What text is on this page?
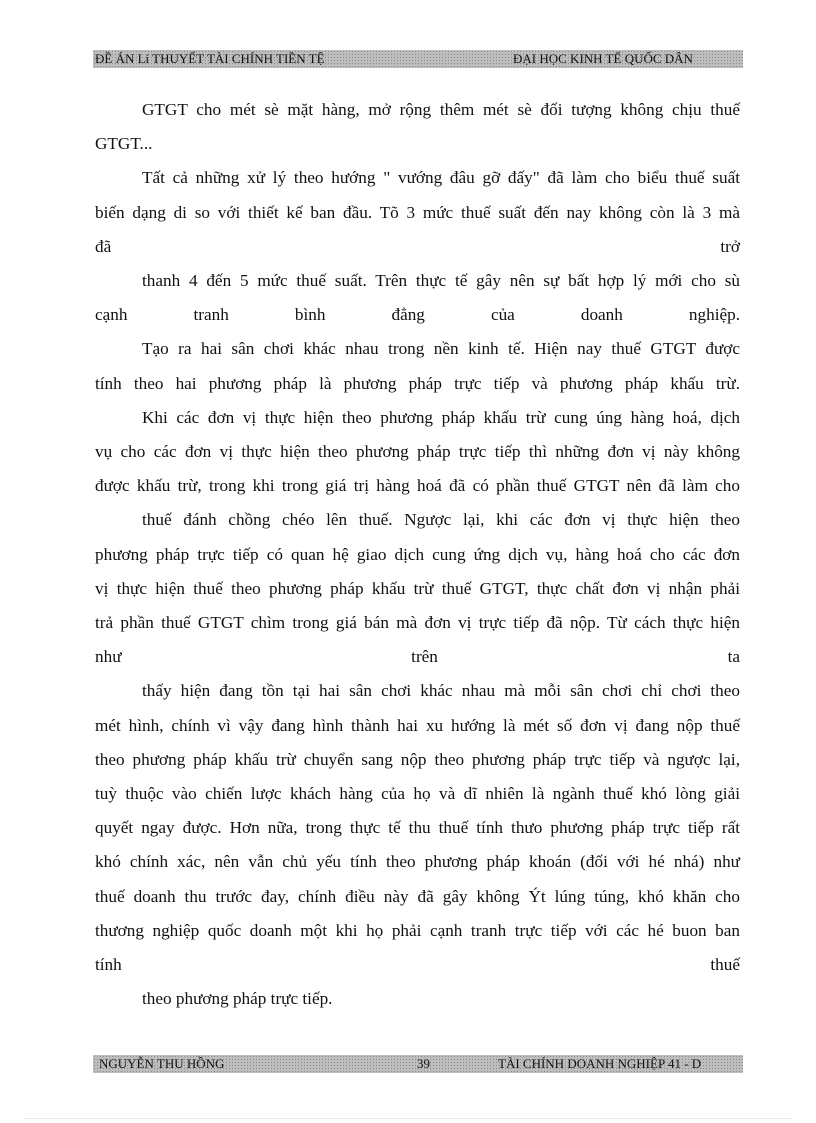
ĐỀ ÁN Lí THUYẾT TÀI CHÍNH TIỀN TỆ	ĐẠI HỌC KINH TẾ QUỐC DÂN
GTGT cho mét sè mặt hàng, mở rộng thêm mét sè đối tượng không chịu thuế
GTGT...
Tất cả những xử lý theo hướng " vướng đâu gỡ đấy" đã làm cho biểu thuế suất
biến dạng di so với thiết kế ban đầu. Tõ 3 mức thuế suất đến nay không còn là 3 mà
đã trở
thanh 4 đến 5 mức thuế suất. Trên thực tế gây nên sự bất hợp lý mới cho sù
cạnh tranh bình đẳng của doanh nghiệp.
Tạo ra hai sân chơi khác nhau trong nền kinh tế. Hiện nay thuế GTGT được
tính theo hai phương pháp là phương pháp trực tiếp và phương pháp khấu trừ.
Khi các đơn vị thực hiện theo phương pháp khấu trừ cung úng hàng hoá, dịch
vụ cho các đơn vị thực hiện theo phương pháp trực tiếp thì những đơn vị này không
được khấu trừ, trong khi trong giá trị hàng hoá đã có phần thuế GTGT nên đã làm cho
thuế đánh chồng chéo lên thuế. Ngược lại, khi các đơn vị thực hiện theo
phương pháp trực tiếp có quan hệ giao dịch cung ứng dịch vụ, hàng hoá cho các đơn
vị thực hiện thuế theo phương pháp khấu trừ thuế GTGT, thực chất đơn vị nhận phải
trả phần thuế GTGT chìm trong giá bán mà đơn vị trực tiếp đã nộp. Từ cách thực hiện
như trên ta
thấy hiện đang tồn tại hai sân chơi khác nhau mà mỗi sân chơi chỉ chơi theo
mét hình, chính vì vậy đang hình thành hai xu hướng là mét số đơn vị đang nộp thuế
theo phương pháp khấu trừ chuyển sang nộp theo phương pháp trực tiếp và ngược lại,
tuỳ thuộc vào chiến lược khách hàng của họ và dĩ nhiên là ngành thuế khó lòng giải
quyết ngay được. Hơn nữa, trong thực tế thu thuế tính thưo phương pháp trực tiếp rất
khó chính xác, nên vẫn chủ yếu tính theo phương pháp khoán (đối với hé nhá) như
thuế doanh thu trước đay, chính điều này đã gây không Ýt lúng túng, khó khăn cho
thương nghiệp quốc doanh một khi họ phải cạnh tranh trực tiếp với các hé buon ban
tính thuế
theo phương pháp trực tiếp.
NGUYỄN THU HỒNG	39	TÀI CHÍNH DOANH NGHIỆP 41 - D
